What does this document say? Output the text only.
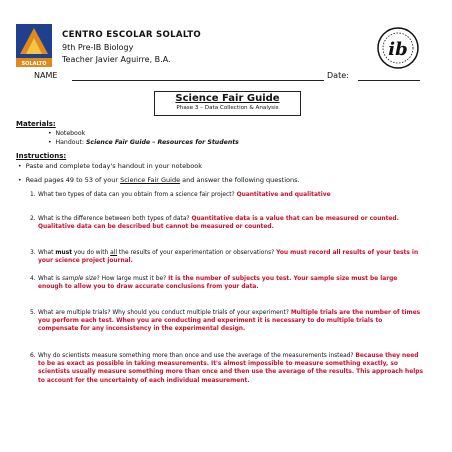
SOLALTO
ib
CENTRO ESCOLAR SOLALTO
9th Pre-IB Biology
Teacher Javier Aguirre, B.A.
NAME	Date:
Science Fair Guide
Phase 3 – Data Collection & Analysis
Materials:
• Notebook
• Handout: Science Fair Guide – Resources for Students
Instructions:
• Paste and complete today's handout in your notebook
• Read pages 49 to 53 of your Science Fair Guide and answer the following questions.
1. What two types of data can you obtain from a science fair project? Quantitative and qualitative
2. What is the difference between both types of data? Quantitative data is a value that can be measured or counted. Qualitative data can be described but cannot be measured or counted.
3. What must you do with all the results of your experimentation or observations? You must record all results of your tests in your science project journal.
4. What is sample size? How large must it be? It is the number of subjects you test. Your sample size must be large enough to allow you to draw accurate conclusions from your data.
5. What are multiple trials? Why should you conduct multiple trials of your experiment? Multiple trials are the number of times you perform each test. When you are conducting and experiment it is necessary to do multiple trials to compensate for any inconsistency in the experimental design.
6. Why do scientists measure something more than once and use the average of the measurements instead? Because they need to be as exact as possible in taking measurements. It's almost impossible to measure something exactly, so scientists usually measure something more than once and then use the average of the results. This approach helps to account for the uncertainty of each individual measurement.
